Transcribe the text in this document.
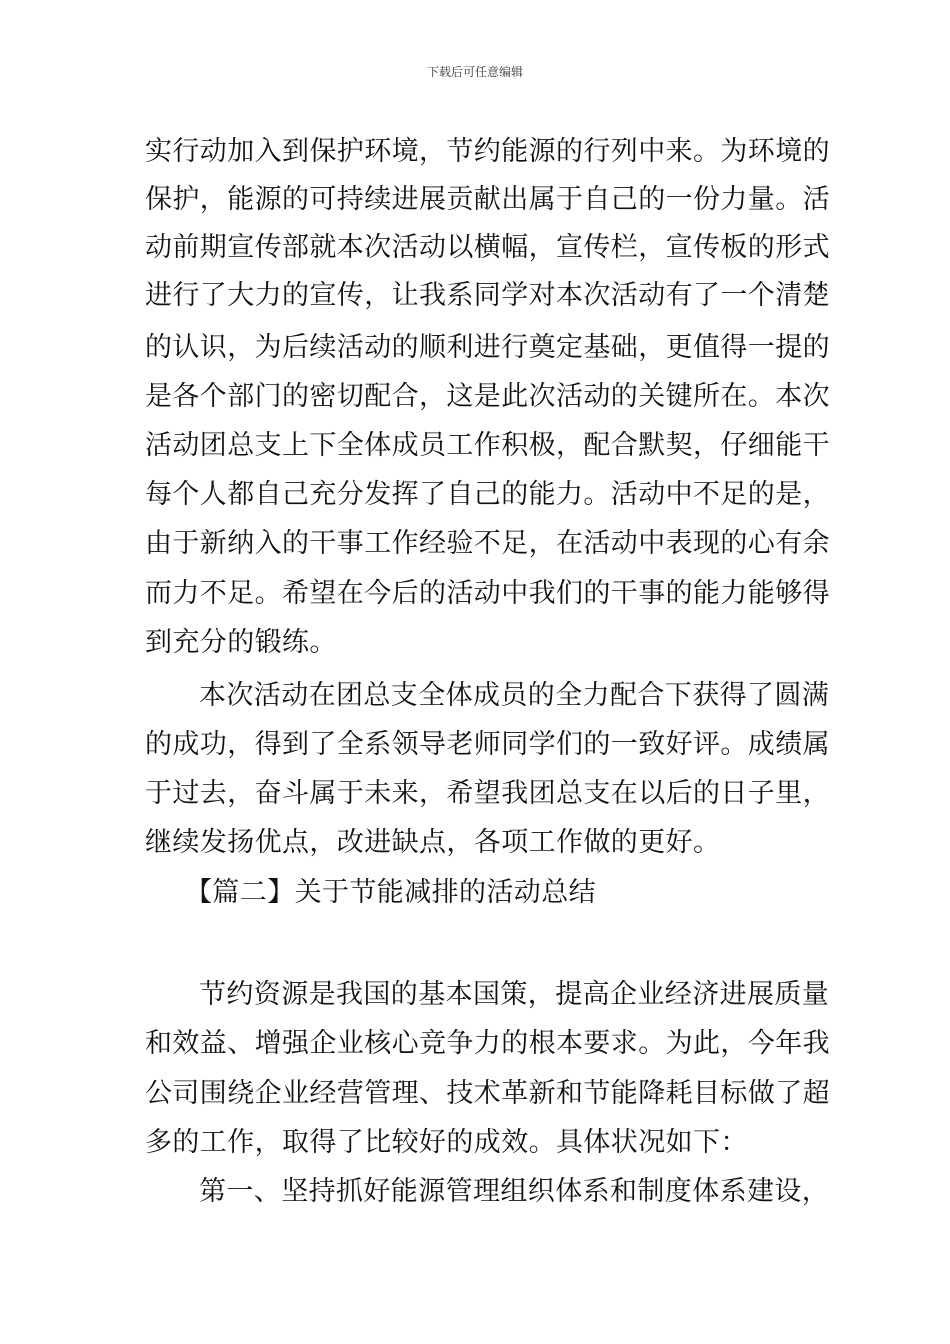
下载后可任意编辑
实行动加入到保护环境，节约能源的行列中来。为环境的
保护，能源的可持续进展贡献出属于自己的一份力量。活
动前期宣传部就本次活动以横幅，宣传栏，宣传板的形式
进行了大力的宣传，让我系同学对本次活动有了一个清楚
的认识，为后续活动的顺利进行奠定基础，更值得一提的
是各个部门的密切配合，这是此次活动的关键所在。本次
活动团总支上下全体成员工作积极，配合默契，仔细能干
每个人都自己充分发挥了自己的能力。活动中不足的是，
由于新纳入的干事工作经验不足，在活动中表现的心有余
而力不足。希望在今后的活动中我们的干事的能力能够得
到充分的锻练。
本次活动在团总支全体成员的全力配合下获得了圆满
的成功，得到了全系领导老师同学们的一致好评。成绩属
于过去，奋斗属于未来，希望我团总支在以后的日子里，
继续发扬优点，改进缺点，各项工作做的更好。
【篇二】关于节能减排的活动总结
节约资源是我国的基本国策，提高企业经济进展质量
和效益、增强企业核心竞争力的根本要求。为此，今年我
公司围绕企业经营管理、技术革新和节能降耗目标做了超
多的工作，取得了比较好的成效。具体状况如下：
第一、坚持抓好能源管理组织体系和制度体系建设，
